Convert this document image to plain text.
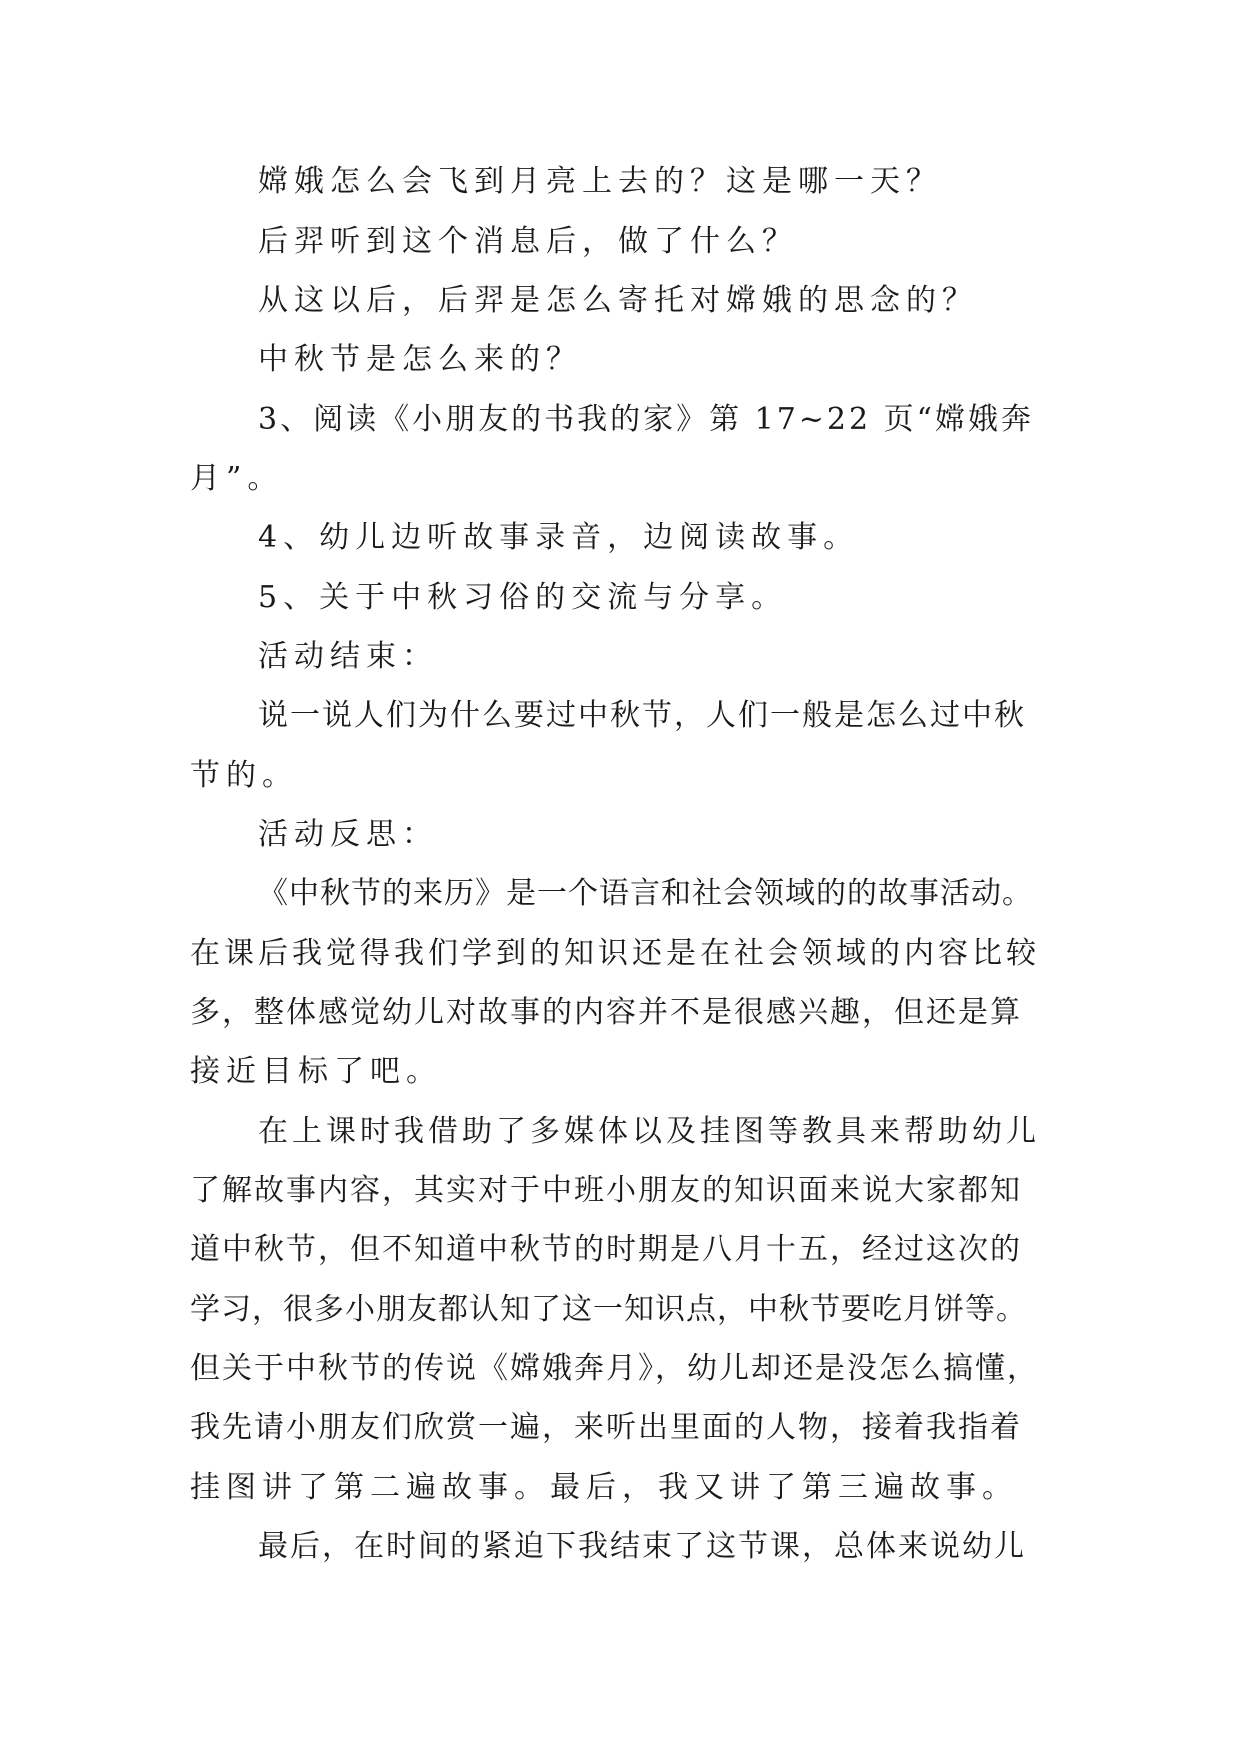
嫦娥怎么会飞到月亮上去的？这是哪一天？
后羿听到这个消息后，做了什么？
从这以后，后羿是怎么寄托对嫦娥的思念的？
中秋节是怎么来的？
3、阅读《小朋友的书我的家》第 17~22 页“嫦娥奔
月”。
4、幼儿边听故事录音，边阅读故事。
5、关于中秋习俗的交流与分享。
活动结束：
说一说人们为什么要过中秋节，人们一般是怎么过中秋
节的。
活动反思：
《中秋节的来历》是一个语言和社会领域的的故事活动。
在课后我觉得我们学到的知识还是在社会领域的内容比较
多，整体感觉幼儿对故事的内容并不是很感兴趣，但还是算
接近目标了吧。
在上课时我借助了多媒体以及挂图等教具来帮助幼儿
了解故事内容，其实对于中班小朋友的知识面来说大家都知
道中秋节，但不知道中秋节的时期是八月十五，经过这次的
学习，很多小朋友都认知了这一知识点，中秋节要吃月饼等。
但关于中秋节的传说《嫦娥奔月》，幼儿却还是没怎么搞懂，
我先请小朋友们欣赏一遍，来听出里面的人物，接着我指着
挂图讲了第二遍故事。最后，我又讲了第三遍故事。
最后，在时间的紧迫下我结束了这节课，总体来说幼儿
